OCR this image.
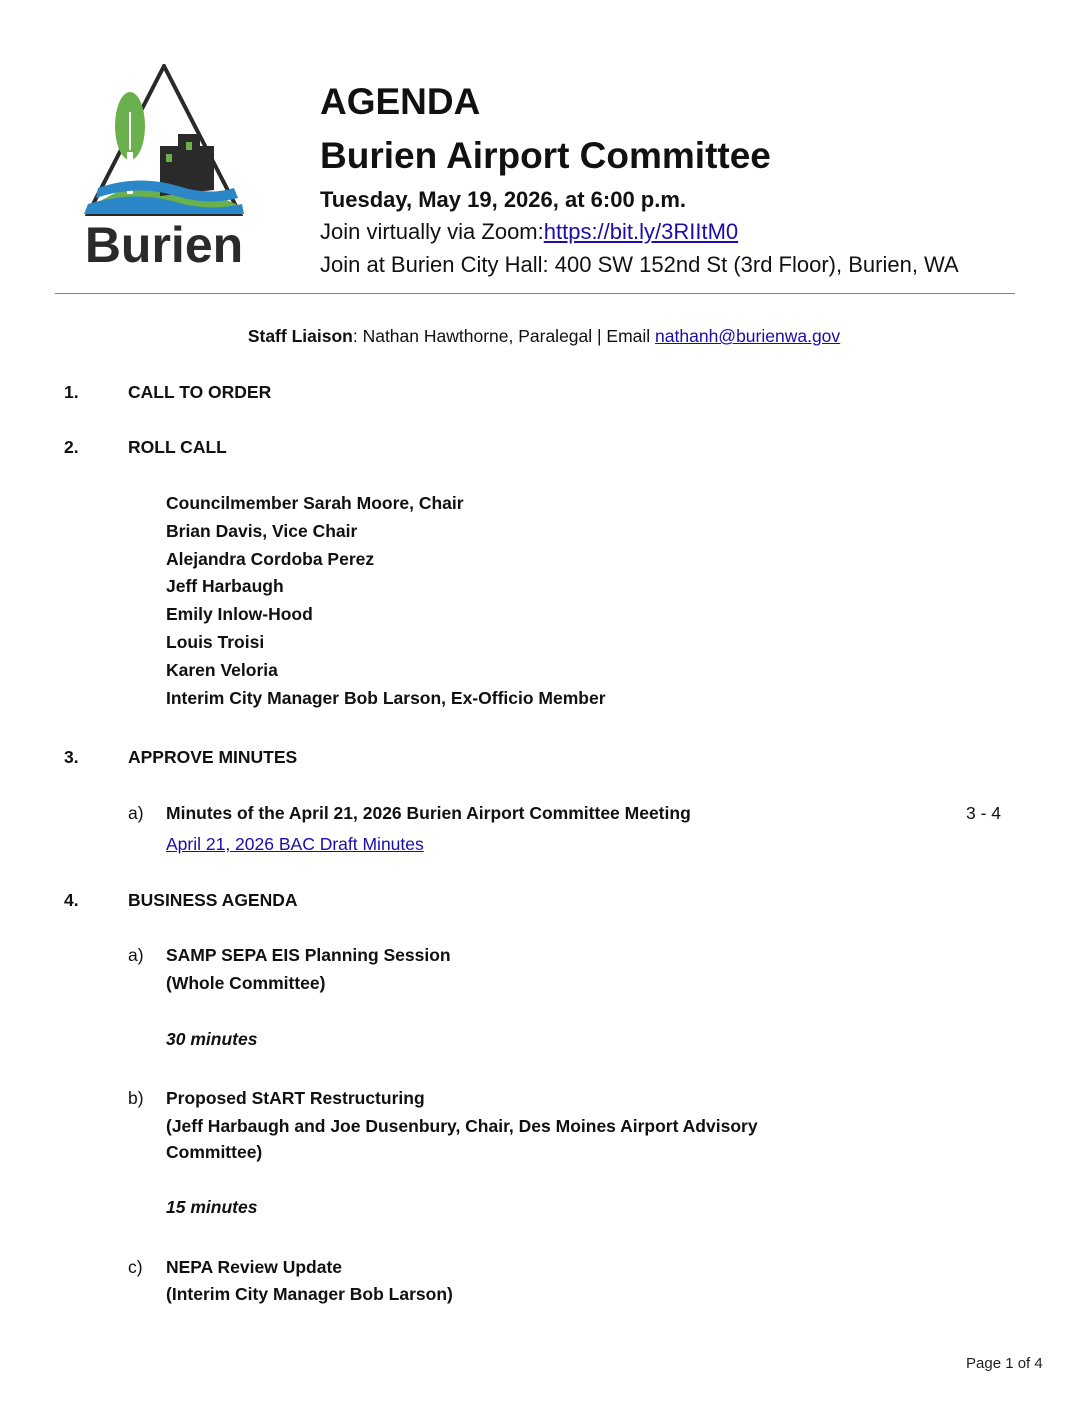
Burien
AGENDA
Burien Airport Committee
Tuesday, May 19, 2026, at 6:00 p.m.
Join virtually via Zoom:https://bit.ly/3RIItM0
Join at Burien City Hall: 400 SW 152nd St (3rd Floor), Burien, WA
Staff Liaison: Nathan Hawthorne, Paralegal | Email nathanh@burienwa.gov
1.	CALL TO ORDER
2.	ROLL CALL
Councilmember Sarah Moore, Chair
Brian Davis, Vice Chair
Alejandra Cordoba Perez
Jeff Harbaugh
Emily Inlow-Hood
Louis Troisi
Karen Veloria
Interim City Manager Bob Larson, Ex-Officio Member
3.	APPROVE MINUTES
a) Minutes of the April 21, 2026 Burien Airport Committee Meeting	3 - 4
April 21, 2026 BAC Draft Minutes
4.	BUSINESS AGENDA
a) SAMP SEPA EIS Planning Session
(Whole Committee)
30 minutes
b) Proposed StART Restructuring
(Jeff Harbaugh and Joe Dusenbury, Chair, Des Moines Airport Advisory
Committee)
15 minutes
c) NEPA Review Update
(Interim City Manager Bob Larson)
Page 1 of 4
